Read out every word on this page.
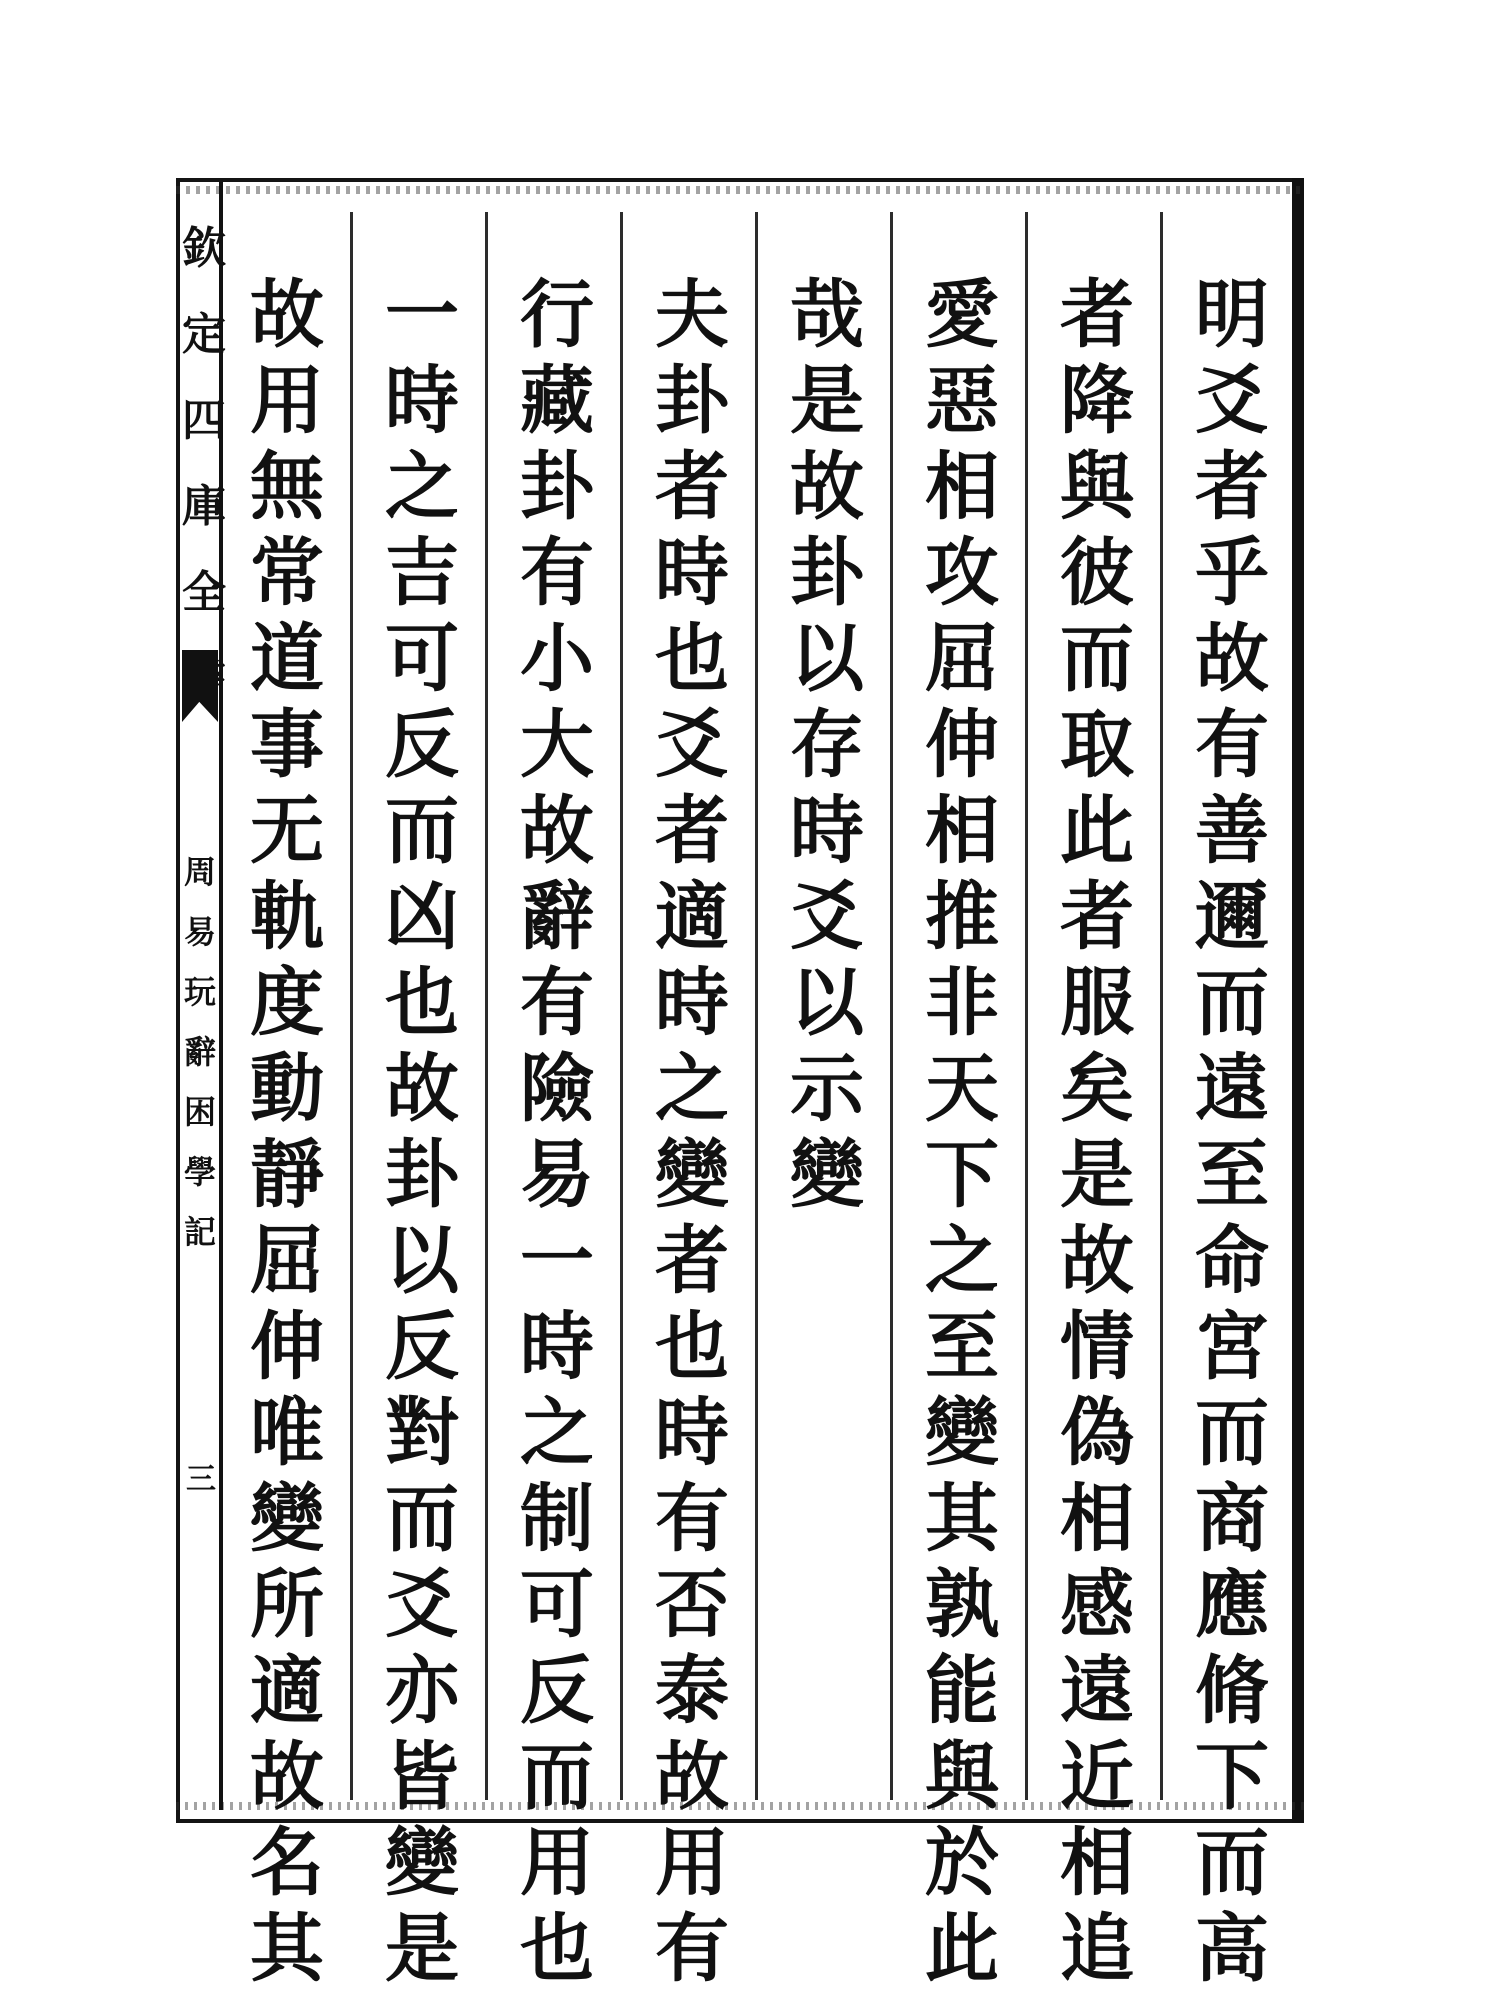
欽
定
四
庫
全
周
易
玩
辭
困
學
記
三
明
爻
者
乎
故
有
善
邇
而
遠
至
命
宮
而
商
應
脩
下
而
高
者
降
與
彼
而
取
此
者
服
矣
是
故
情
偽
相
感
遠
近
相
追
愛
惡
相
攻
屈
伸
相
推
非
天
下
之
至
變
其
孰
能
與
於
此
哉
是
故
卦
以
存
時
爻
以
示
變
夫
卦
者
時
也
爻
者
適
時
之
變
者
也
時
有
否
泰
故
用
有
行
藏
卦
有
小
大
故
辭
有
險
易
一
時
之
制
可
反
而
用
也
一
時
之
吉
可
反
而
凶
也
故
卦
以
反
對
而
爻
亦
皆
變
是
故
用
無
常
道
事
无
軌
度
動
靜
屈
伸
唯
變
所
適
故
名
其
